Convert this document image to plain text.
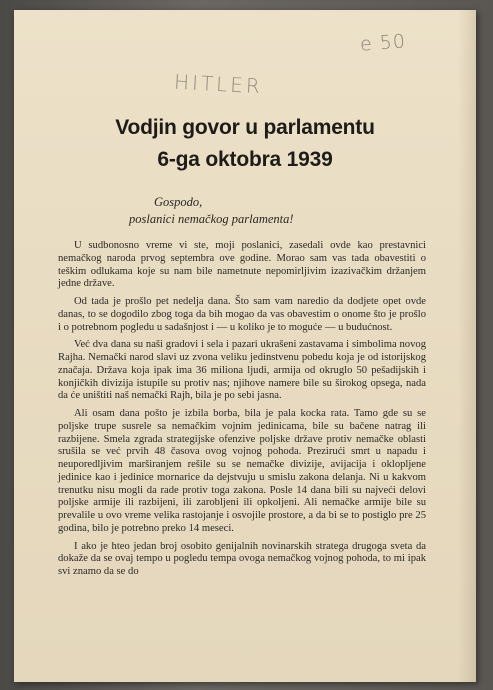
e 50
HITLER
Vodjin govor u parlamentu
6-ga oktobra 1939
Gospodo,
poslanici nemačkog parlamenta!

U sudbonosno vreme vi ste, moji poslanici, zasedali ovde kao prestavnici nemačkog naroda prvog septembra ove godine. Morao sam vas tada obavestiti o teškim odlukama koje su nam bile nametnute nepomirljivim izazivačkim držanjem jedne države.

Od tada je prošlo pet nedelja dana. Što sam vam naredio da dodjete opet ovde danas, to se dogodilo zbog toga da bih mogao da vas obavestim o onome što je prošlo i o potrebnom pogledu u sadašnjost i — u koliko je to moguće — u budućnost.

Već dva dana su naši gradovi i sela i pazari ukrašeni zastavama i simbolima novog Rajha. Nemački narod slavi uz zvona veliku jedinstvenu pobedu koja je od istorijskog značaja. Država koja ipak ima 36 miliona ljudi, armija od okruglo 50 pešadijskih i konjičkih divizija istupile su protiv nas; njihove namere bile su širokog opsega, nada da će uništiti naš nemački Rajh, bila je po sebi jasna.

Ali osam dana pošto je izbila borba, bila je pala kocka rata. Tamo gde su se poljske trupe susrele sa nemačkim vojnim jedinicama, bile su bačene natrag ili razbijene. Smela zgrada strategijske ofenzive poljske države protiv nemačke oblasti srušila se već prvih 48 časova ovog vojnog pohoda. Prezirući smrt u napadu i neuporedljivim marširanjem rešile su se nemačke divizije, avijacija i oklopljene jedinice kao i jedinice mornarice da dejstvuju u smislu zakona delanja. Ni u kakvom trenutku nisu mogli da rade protiv toga zakona. Posle 14 dana bili su najveći delovi poljske armije ili razbijeni, ili zarobljeni ili opkoljeni. Ali nemačke armije bile su prevalile u ovo vreme velika rastojanje i osvojile prostore, a da bi se to postiglo pre 25 godina, bilo je potrebno preko 14 meseci.

I ako je hteo jedan broj osobito genijalnih novinarskih stratega drugoga sveta da dokaže da se ovaj tempo u pogledu tempa ovoga nemačkog vojnog pohoda, to mi ipak svi znamo da se do
